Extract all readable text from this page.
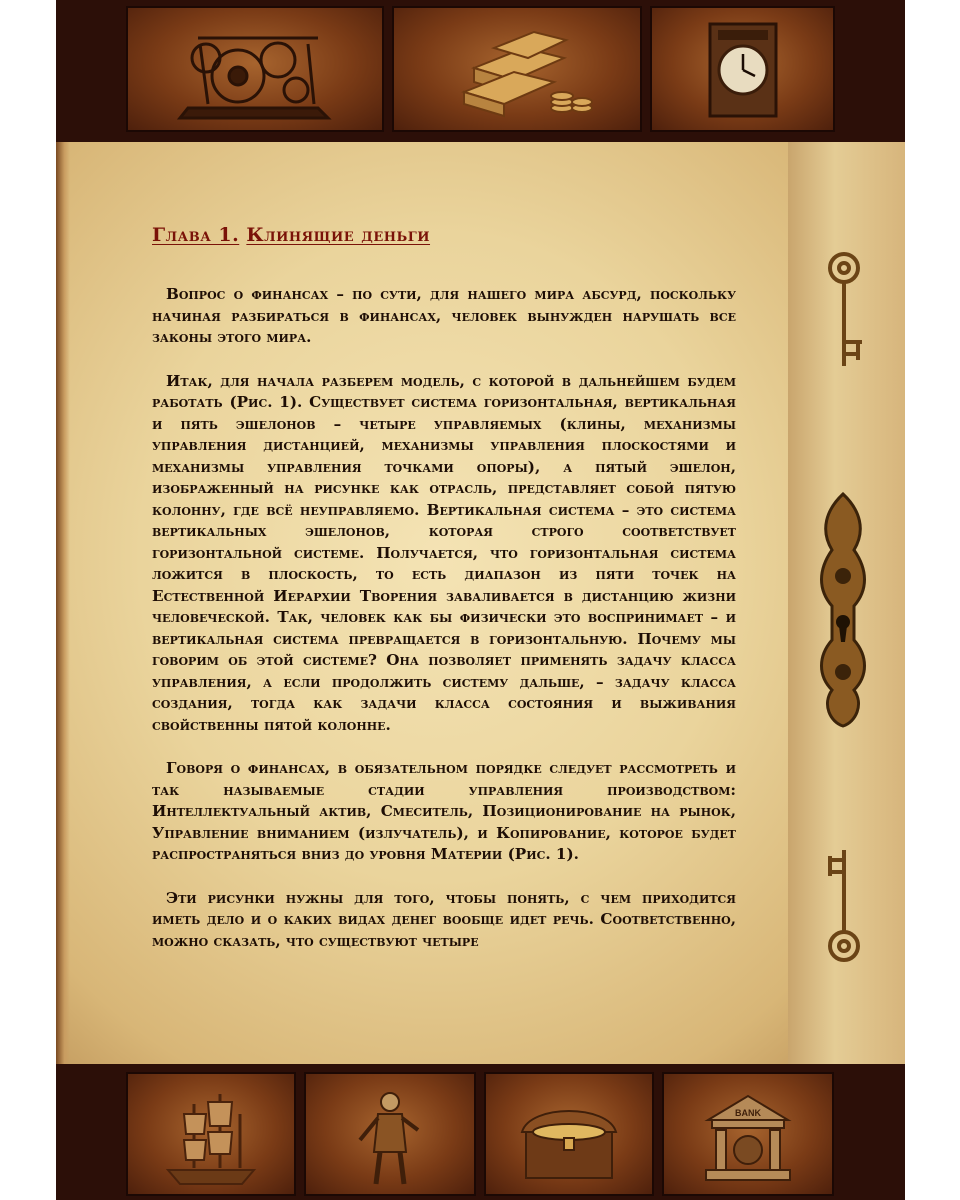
Глава 1. Клинящие деньги

Вопрос о финансах – по сути, для нашего мира абсурд, поскольку начиная разбираться в финансах, человек вынужден нарушать все законы этого мира.

Итак, для начала разберем модель, с которой в дальнейшем будем работать (Рис. 1). Существует система горизонтальная, вертикальная и пять эшелонов – четыре управляемых (клины, механизмы управления дистанцией, механизмы управления плоскостями и механизмы управления точками опоры), а пятый эшелон, изображенный на рисунке как отрасль, представляет собой пятую колонну, где всё неуправляемо. Вертикальная система – это система вертикальных эшелонов, которая строго соответствует горизонтальной системе. Получается, что горизонтальная система ложится в плоскость, то есть диапазон из пяти точек на Естественной Иерархии Творения заваливается в дистанцию жизни человеческой. Так, человек как бы физически это воспринимает – и вертикальная система превращается в горизонтальную. Почему мы говорим об этой системе? Она позволяет применять задачу класса управления, а если продолжить систему дальше, – задачу класса создания, тогда как задачи класса состояния и выживания свойственны пятой колонне.

Говоря о финансах, в обязательном порядке следует рассмотреть и так называемые стадии управления производством: Интеллектуальный актив, Смеситель, Позиционирование на рынок, Управление вниманием (излучатель), и Копирование, которое будет распространяться вниз до уровня Материи (Рис. 1).

Эти рисунки нужны для того, чтобы понять, с чем приходится иметь дело и о каких видах денег вообще идет речь. Соответственно, можно сказать, что существуют четыре

BANK
